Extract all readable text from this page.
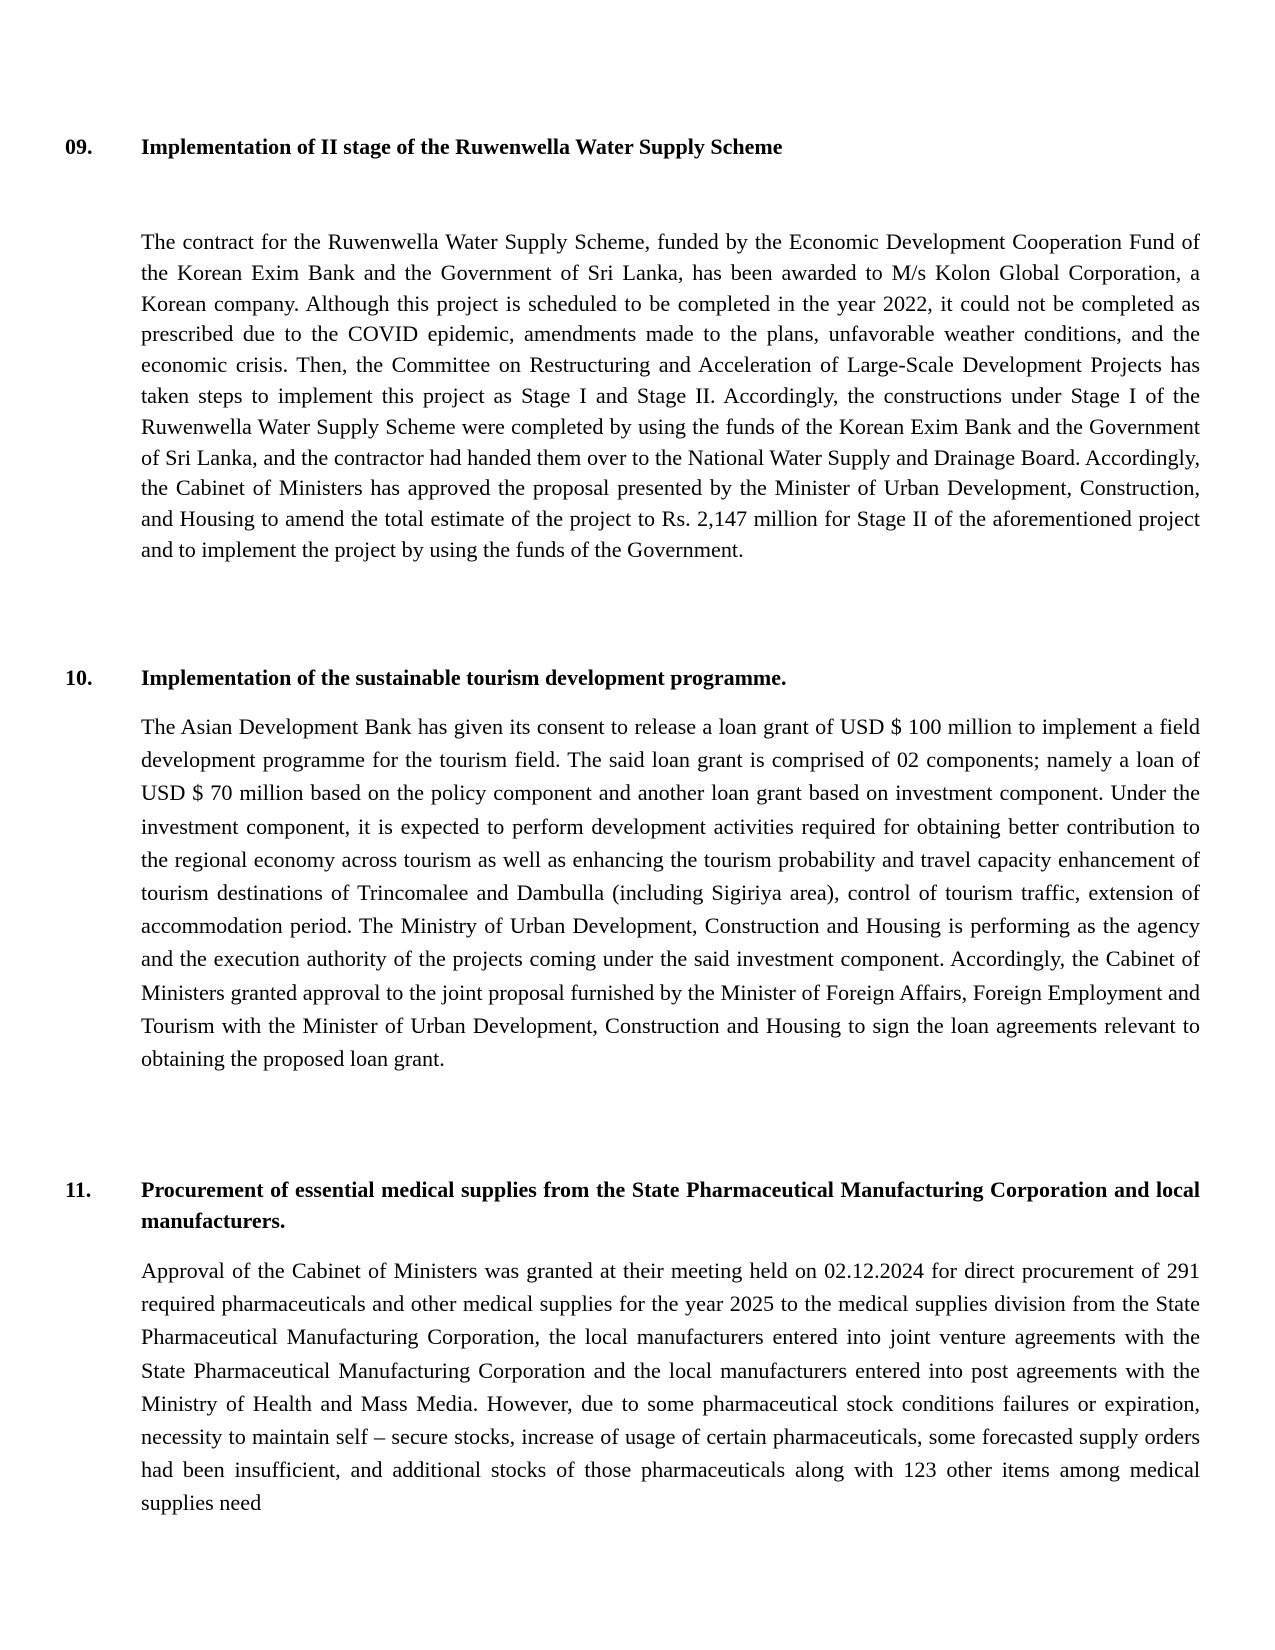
09. Implementation of II stage of the Ruwenwella Water Supply Scheme

The contract for the Ruwenwella Water Supply Scheme, funded by the Economic Development Cooperation Fund of the Korean Exim Bank and the Government of Sri Lanka, has been awarded to M/s Kolon Global Corporation, a Korean company. Although this project is scheduled to be completed in the year 2022, it could not be completed as prescribed due to the COVID epidemic, amendments made to the plans, unfavorable weather conditions, and the economic crisis. Then, the Committee on Restructuring and Acceleration of Large-Scale Development Projects has taken steps to implement this project as Stage I and Stage II. Accordingly, the constructions under Stage I of the Ruwenwella Water Supply Scheme were completed by using the funds of the Korean Exim Bank and the Government of Sri Lanka, and the contractor had handed them over to the National Water Supply and Drainage Board. Accordingly, the Cabinet of Ministers has approved the proposal presented by the Minister of Urban Development, Construction, and Housing to amend the total estimate of the project to Rs. 2,147 million for Stage II of the aforementioned project and to implement the project by using the funds of the Government.

10. Implementation of the sustainable tourism development programme.

The Asian Development Bank has given its consent to release a loan grant of USD $ 100 million to implement a field development programme for the tourism field. The said loan grant is comprised of 02 components; namely a loan of USD $ 70 million based on the policy component and another loan grant based on investment component. Under the investment component, it is expected to perform development activities required for obtaining better contribution to the regional economy across tourism as well as enhancing the tourism probability and travel capacity enhancement of tourism destinations of Trincomalee and Dambulla (including Sigiriya area), control of tourism traffic, extension of accommodation period. The Ministry of Urban Development, Construction and Housing is performing as the agency and the execution authority of the projects coming under the said investment component. Accordingly, the Cabinet of Ministers granted approval to the joint proposal furnished by the Minister of Foreign Affairs, Foreign Employment and Tourism with the Minister of Urban Development, Construction and Housing to sign the loan agreements relevant to obtaining the proposed loan grant.

11. Procurement of essential medical supplies from the State Pharmaceutical Manufacturing Corporation and local manufacturers.

Approval of the Cabinet of Ministers was granted at their meeting held on 02.12.2024 for direct procurement of 291 required pharmaceuticals and other medical supplies for the year 2025 to the medical supplies division from the State Pharmaceutical Manufacturing Corporation, the local manufacturers entered into joint venture agreements with the State Pharmaceutical Manufacturing Corporation and the local manufacturers entered into post agreements with the Ministry of Health and Mass Media. However, due to some pharmaceutical stock conditions failures or expiration, necessity to maintain self – secure stocks, increase of usage of certain pharmaceuticals, some forecasted supply orders had been insufficient, and additional stocks of those pharmaceuticals along with 123 other items among medical supplies need
